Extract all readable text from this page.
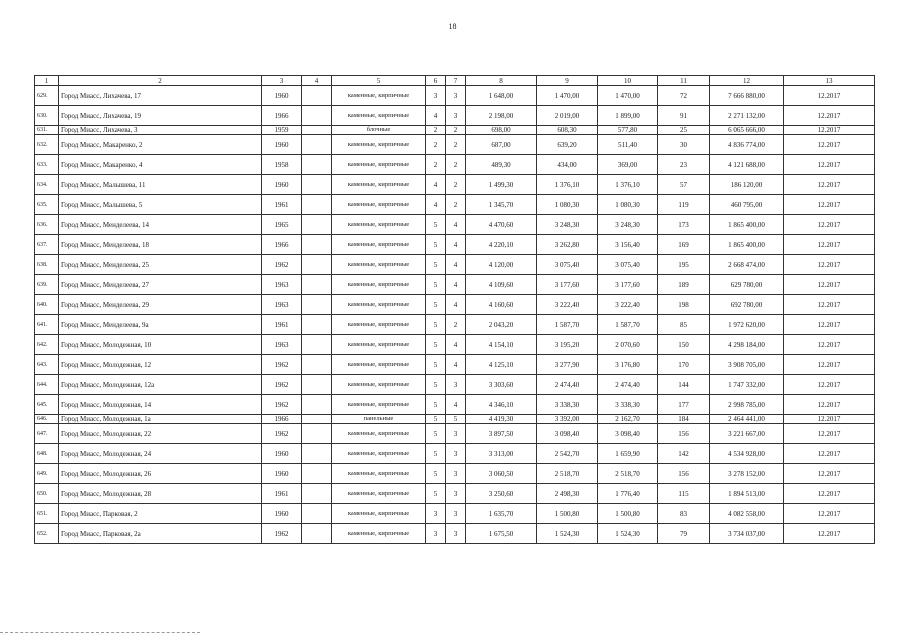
18
1	2	3	4	5	6	7	8	9	10	11	12	13
629.	Город Миасс, Лихачева, 17	1960		каменные, кирпичные	3	3	1 648,00	1 470,00	1 470,00	72	7 666 880,00	12.2017
630.	Город Миасс, Лихачева, 19	1966		каменные, кирпичные	4	3	2 198,00	2 019,00	1 899,00	91	2 271 132,00	12.2017
631.	Город Миасс, Лихачева, 3	1959		блочные	2	2	698,00	608,30	577,80	25	6 065 666,00	12.2017
632.	Город Миасс, Макаренко, 2	1960		каменные, кирпичные	2	2	687,00	639,20	511,40	30	4 836 774,00	12.2017
633.	Город Миасс, Макаренко, 4	1958		каменные, кирпичные	2	2	489,30	434,00	369,00	23	4 121 688,00	12.2017
634.	Город Миасс, Малышева, 11	1960		каменные, кирпичные	4	2	1 499,30	1 376,10	1 376,10	57	186 120,00	12.2017
635.	Город Миасс, Малышева, 5	1961		каменные, кирпичные	4	2	1 345,70	1 080,30	1 080,30	119	460 795,00	12.2017
636.	Город Миасс, Менделеева, 14	1965		каменные, кирпичные	5	4	4 470,60	3 248,30	3 248,30	173	1 865 400,00	12.2017
637.	Город Миасс, Менделеева, 18	1966		каменные, кирпичные	5	4	4 220,10	3 262,80	3 156,40	169	1 865 400,00	12.2017
638.	Город Миасс, Менделеева, 25	1962		каменные, кирпичные	5	4	4 120,00	3 075,40	3 075,40	195	2 668 474,00	12.2017
639.	Город Миасс, Менделеева, 27	1963		каменные, кирпичные	5	4	4 109,60	3 177,60	3 177,60	189	629 780,00	12.2017
640.	Город Миасс, Менделеева, 29	1963		каменные, кирпичные	5	4	4 160,60	3 222,40	3 222,40	198	692 780,00	12.2017
641.	Город Миасс, Менделеева, 9а	1961		каменные, кирпичные	5	2	2 043,20	1 587,70	1 587,70	85	1 972 620,00	12.2017
642.	Город Миасс, Молодежная, 10	1963		каменные, кирпичные	5	4	4 154,10	3 195,20	2 070,60	150	4 298 184,00	12.2017
643.	Город Миасс, Молодежная, 12	1962		каменные, кирпичные	5	4	4 125,10	3 277,90	3 176,80	170	3 908 705,00	12.2017
644.	Город Миасс, Молодежная, 12а	1962		каменные, кирпичные	5	3	3 303,60	2 474,40	2 474,40	144	1 747 332,00	12.2017
645.	Город Миасс, Молодежная, 14	1962		каменные, кирпичные	5	4	4 346,10	3 338,30	3 338,30	177	2 998 785,00	12.2017
646.	Город Миасс, Молодежная, 1а	1966		панельные	5	5	4 419,30	3 392,00	2 162,70	184	2 464 441,00	12.2017
647.	Город Миасс, Молодежная, 22	1962		каменные, кирпичные	5	3	3 897,50	3 098,40	3 098,40	156	3 221 667,00	12.2017
648.	Город Миасс, Молодежная, 24	1960		каменные, кирпичные	5	3	3 313,00	2 542,70	1 659,90	142	4 534 928,00	12.2017
649.	Город Миасс, Молодежная, 26	1960		каменные, кирпичные	5	3	3 060,50	2 518,70	2 518,70	156	3 278 152,00	12.2017
650.	Город Миасс, Молодежная, 28	1961		каменные, кирпичные	5	3	3 250,60	2 498,30	1 776,40	115	1 894 513,00	12.2017
651.	Город Миасс, Парковая, 2	1960		каменные, кирпичные	3	3	1 635,70	1 500,80	1 500,80	83	4 082 558,00	12.2017
652.	Город Миасс, Парковая, 2а	1962		каменные, кирпичные	3	3	1 675,50	1 524,30	1 524,30	79	3 734 037,00	12.2017
